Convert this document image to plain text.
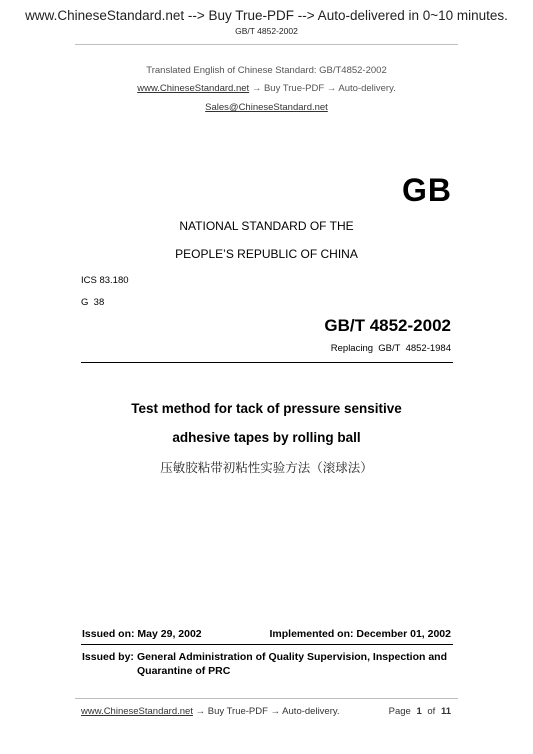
www.ChineseStandard.net --> Buy True-PDF --> Auto-delivered in 0~10 minutes.
GB/T 4852-2002
Translated English of Chinese Standard: GB/T4852-2002
www.ChineseStandard.net → Buy True-PDF → Auto-delivery.
Sales@ChineseStandard.net
GB
NATIONAL STANDARD OF THE
PEOPLE’S REPUBLIC OF CHINA
ICS 83.180
G  38
GB/T 4852-2002
Replacing  GB/T  4852-1984
Test method for tack of pressure sensitive
adhesive tapes by rolling ball
压敏胶粘带初粘性实验方法（滚球法）
Issued on: May 29, 2002	Implemented on: December 01, 2002
Issued by: General Administration of Quality Supervision, Inspection and
Quarantine of PRC
www.ChineseStandard.net → Buy True-PDF → Auto-delivery.	Page 1 of 11
